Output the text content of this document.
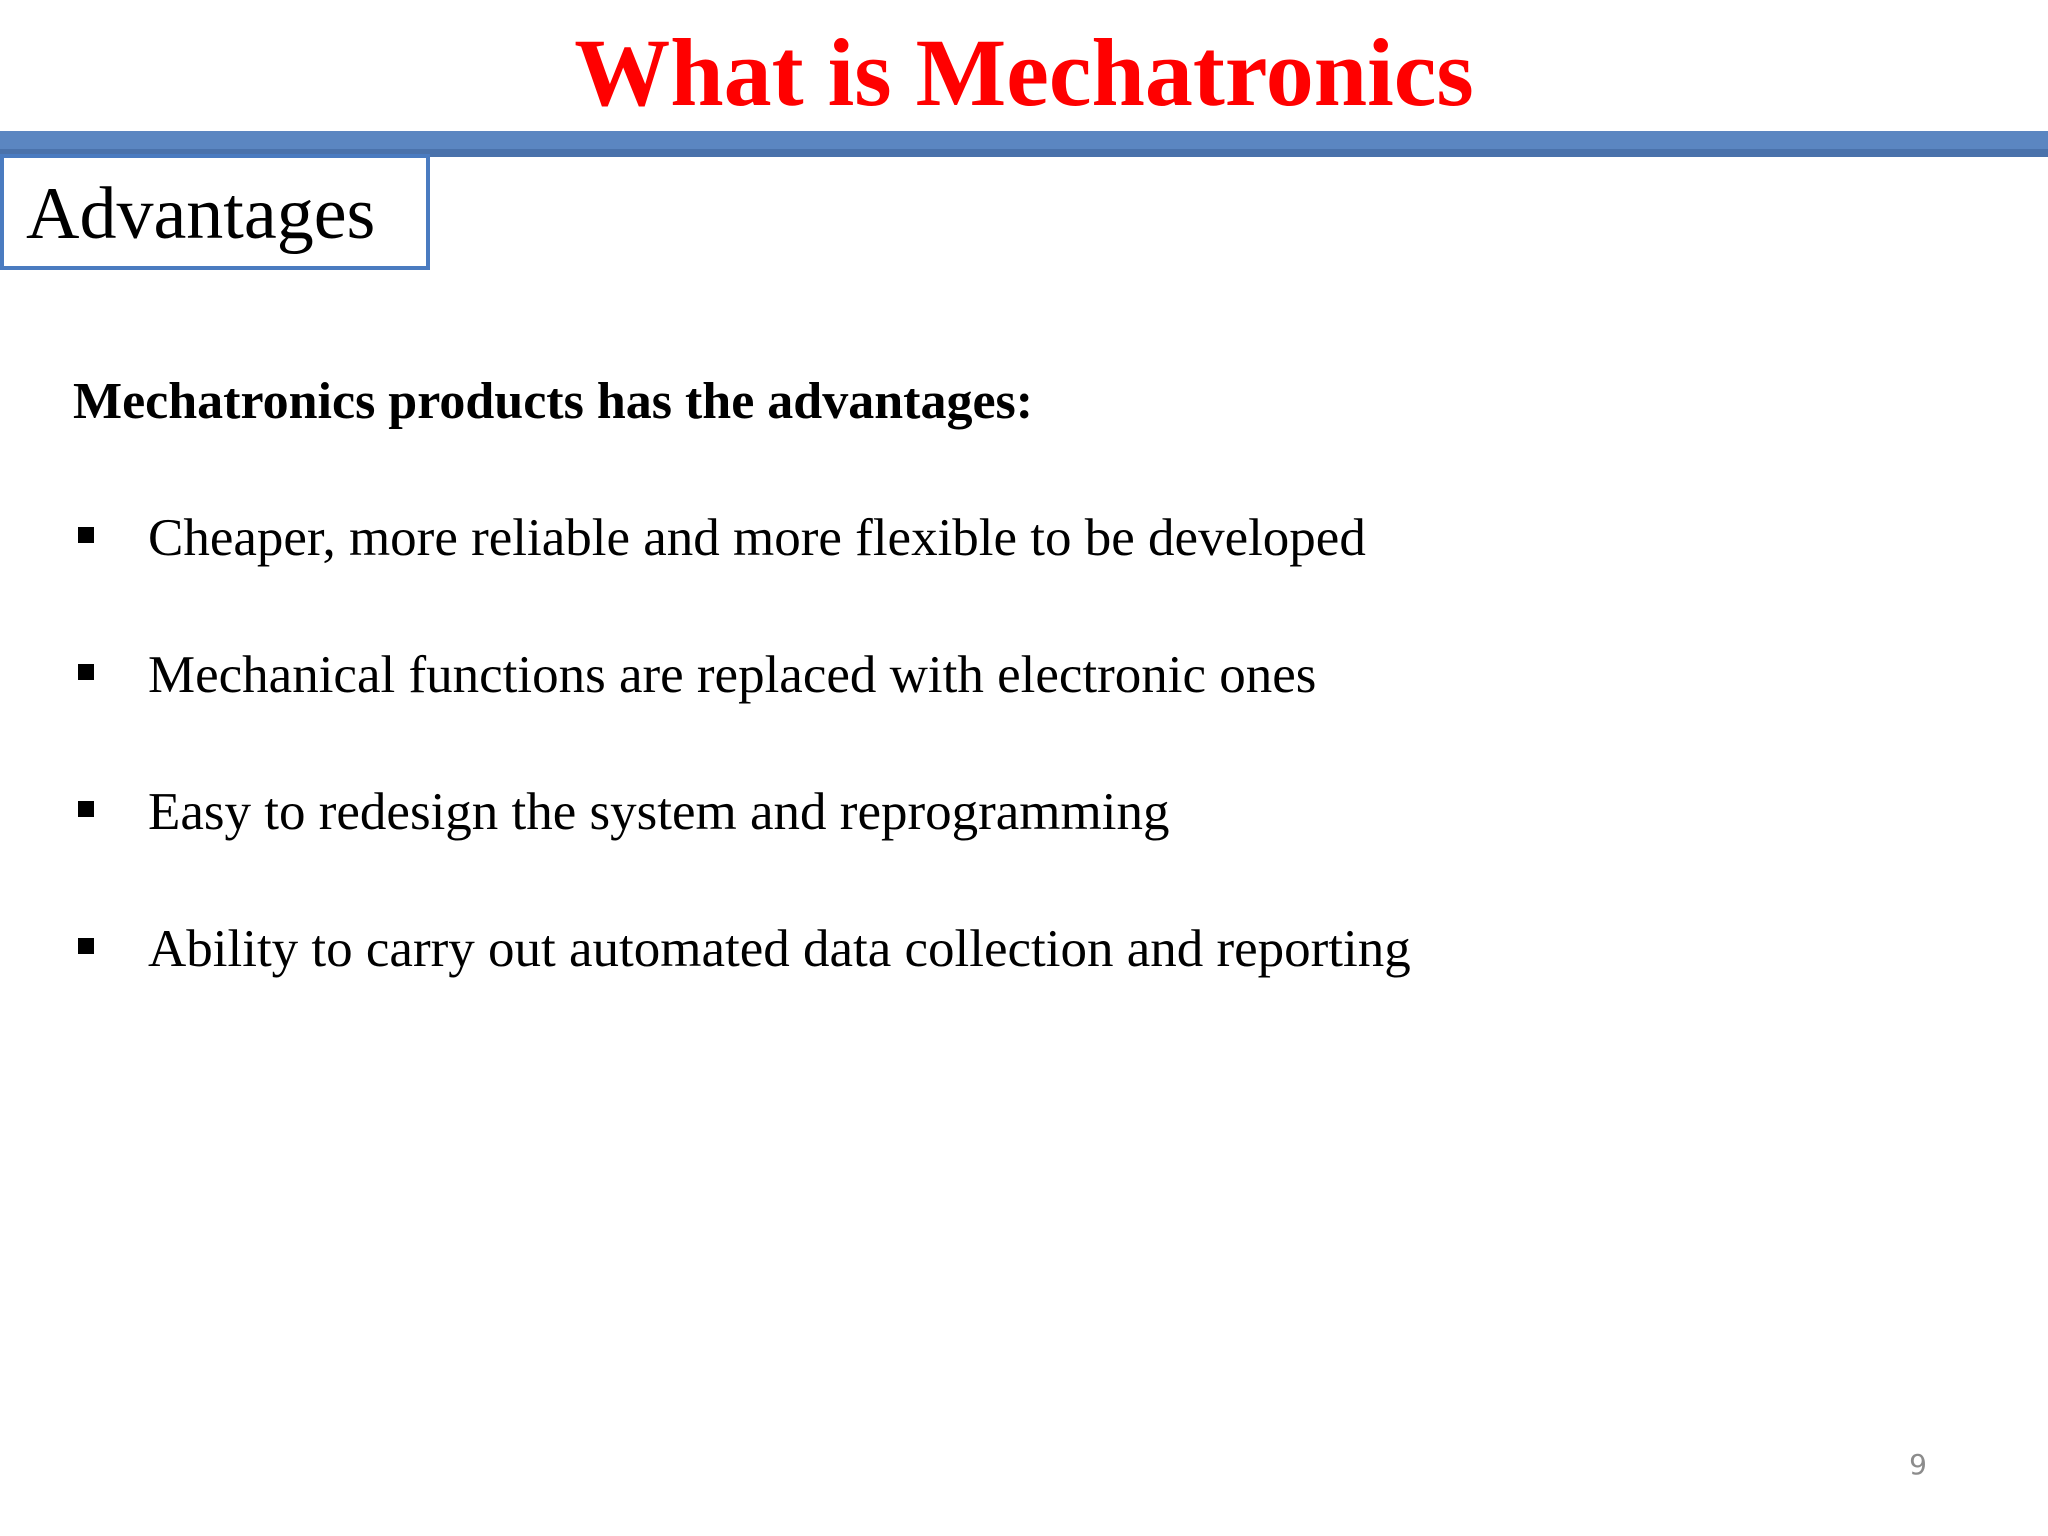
What is Mechatronics
Advantages
Mechatronics products has the advantages:
Cheaper, more reliable and more flexible to be developed
Mechanical functions are replaced with electronic ones
Easy to redesign the system and reprogramming
Ability to carry out automated data collection and reporting
9
